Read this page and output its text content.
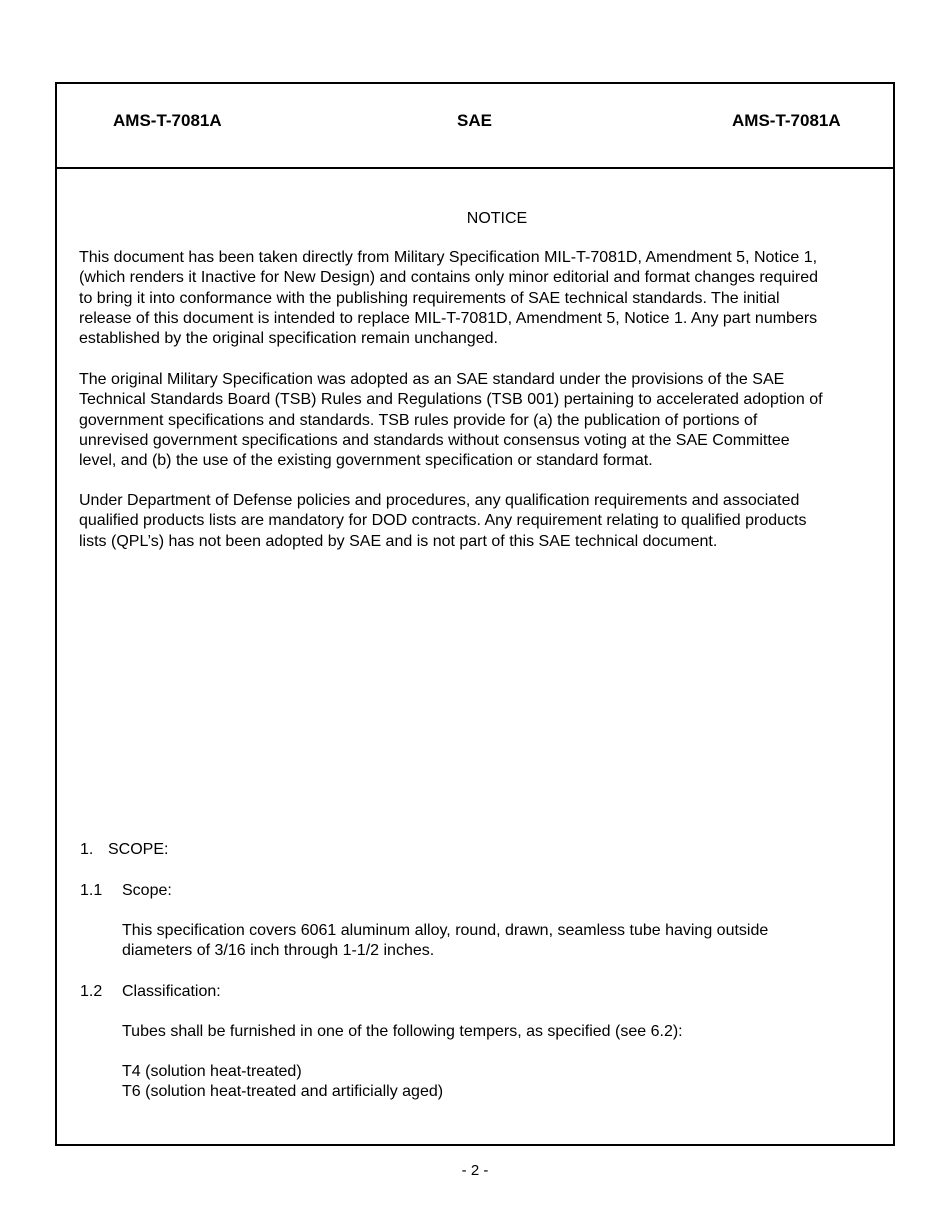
AMS-T-7081A	SAE	AMS-T-7081A
NOTICE
This document has been taken directly from Military Specification MIL-T-7081D, Amendment 5, Notice 1,
(which renders it Inactive for New Design) and contains only minor editorial and format changes required
to bring it into conformance with the publishing requirements of SAE technical standards. The initial
release of this document is intended to replace MIL-T-7081D, Amendment 5, Notice 1. Any part numbers
established by the original specification remain unchanged.
The original Military Specification was adopted as an SAE standard under the provisions of the SAE
Technical Standards Board (TSB) Rules and Regulations (TSB 001) pertaining to accelerated adoption of
government specifications and standards. TSB rules provide for (a) the publication of portions of
unrevised government specifications and standards without consensus voting at the SAE Committee
level, and (b) the use of the existing government specification or standard format.
Under Department of Defense policies and procedures, any qualification requirements and associated
qualified products lists are mandatory for DOD contracts. Any requirement relating to qualified products
lists (QPL’s) has not been adopted by SAE and is not part of this SAE technical document.
1. SCOPE:
1.1 Scope:
This specification covers 6061 aluminum alloy, round, drawn, seamless tube having outside
diameters of 3/16 inch through 1-1/2 inches.
1.2 Classification:
Tubes shall be furnished in one of the following tempers, as specified (see 6.2):
T4 (solution heat-treated)
T6 (solution heat-treated and artificially aged)
- 2 -
